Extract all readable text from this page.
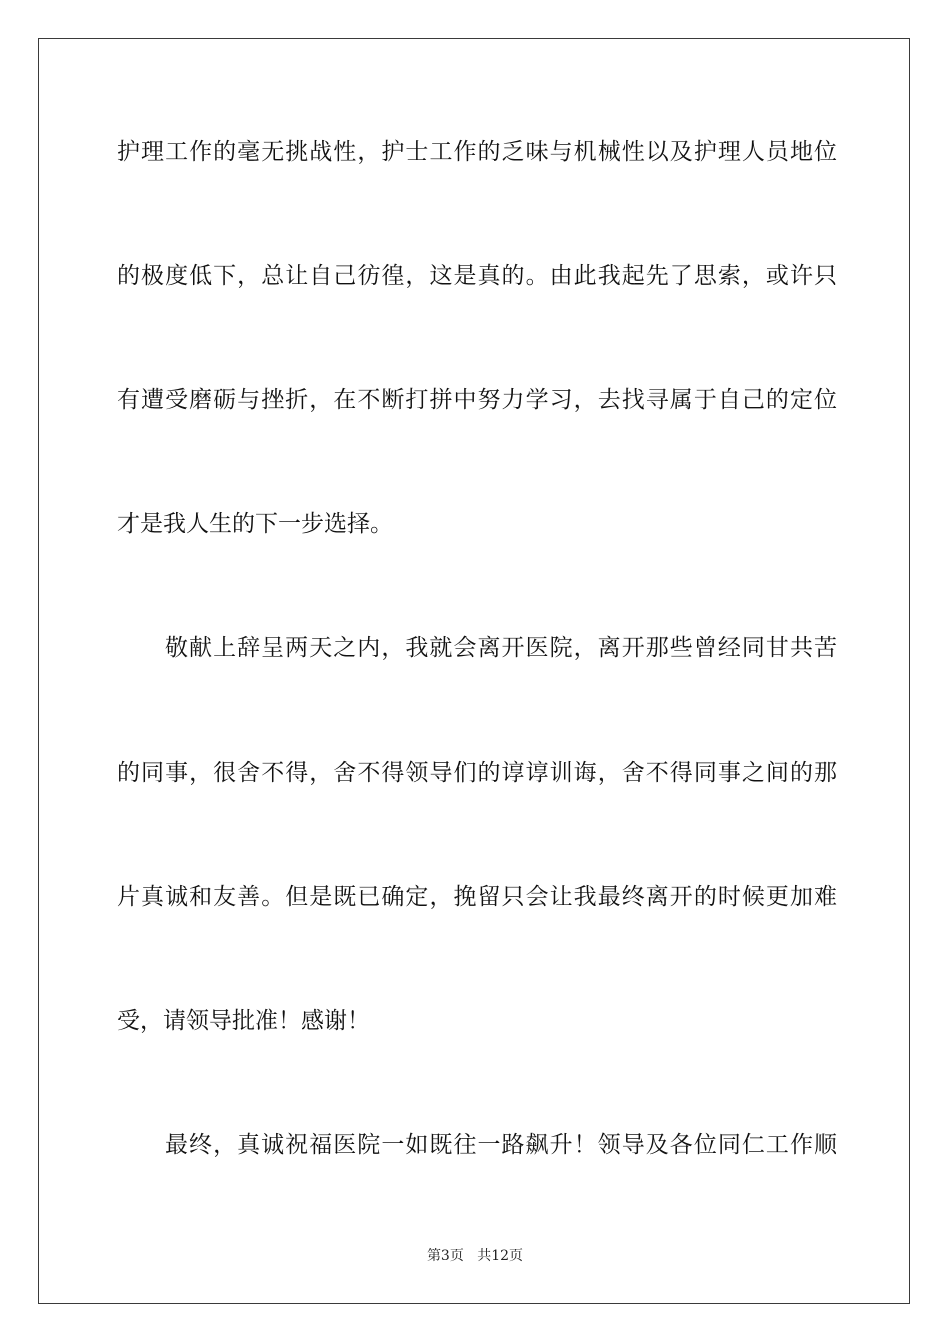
护理工作的毫无挑战性，护士工作的乏味与机械性以及护理人员地位
的极度低下，总让自己彷徨，这是真的。由此我起先了思索，或许只
有遭受磨砺与挫折，在不断打拼中努力学习，去找寻属于自己的定位
才是我人生的下一步选择。
敬献上辞呈两天之内，我就会离开医院，离开那些曾经同甘共苦
的同事，很舍不得，舍不得领导们的谆谆训诲，舍不得同事之间的那
片真诚和友善。但是既已确定，挽留只会让我最终离开的时候更加难
受，请领导批准！感谢！
最终，真诚祝福医院一如既往一路飙升！领导及各位同仁工作顺
第3页 共12页
